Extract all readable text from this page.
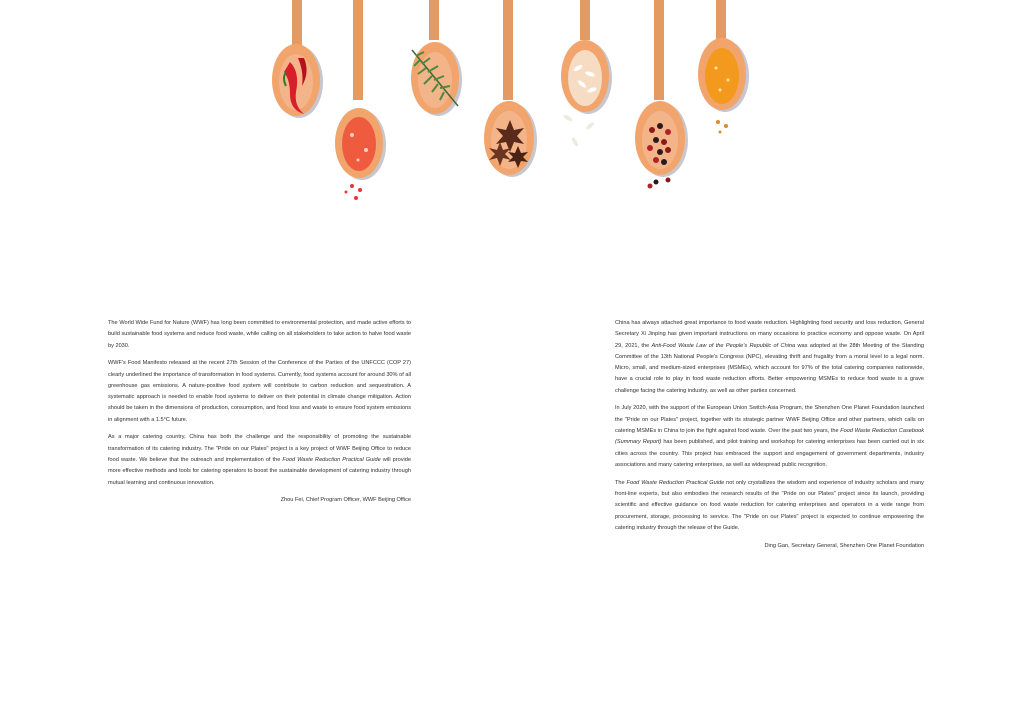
The World Wide Fund for Nature (WWF) has long been committed to environmental protection, and made active efforts to build sustainable food systems and reduce food waste, while calling on all stakeholders to take action to halve food waste by 2030.

WWF's Food Manifesto released at the recent 27th Session of the Conference of the Parties of the UNFCCC (COP 27) clearly underlined the importance of transformation in food systems. Currently, food systems account for around 30% of all greenhouse gas emissions. A nature-positive food system will contribute to carbon reduction and sequestration. A systematic approach is needed to enable food systems to deliver on their potential in climate change mitigation. Action should be taken in the dimensions of production, consumption, and food loss and waste to ensure food system emissions in alignment with a 1.5°C future.

As a major catering country, China has both the challenge and the responsibility of promoting the sustainable transformation of its catering industry. The "Pride on our Plates" project is a key project of WWF Beijing Office to reduce food waste. We believe that the outreach and implementation of the Food Waste Reduction Practical Guide will provide more effective methods and tools for catering operators to boost the sustainable development of catering industry through mutual learning and continuous innovation.

Zhou Fei, Chief Program Officer, WWF Beijing Office

China has always attached great importance to food waste reduction. Highlighting food security and loss reduction, General Secretary Xi Jinping has given important instructions on many occasions to practice economy and oppose waste. On April 29, 2021, the Anti-Food Waste Law of the People's Republic of China was adopted at the 28th Meeting of the Standing Committee of the 13th National People's Congress (NPC), elevating thrift and frugality from a moral level to a legal norm. Micro, small, and medium-sized enterprises (MSMEs), which account for 97% of the total catering companies nationwide, have a crucial role to play in food waste reduction efforts. Better empowering MSMEs to reduce food waste is a grave challenge facing the catering industry, as well as other parties concerned.

In July 2020, with the support of the European Union Switch-Asia Program, the Shenzhen One Planet Foundation launched the "Pride on our Plates" project, together with its strategic partner WWF Beijing Office and other partners, which calls on catering MSMEs in China to join the fight against food waste. Over the past two years, the Food Waste Reduction Casebook (Summary Report) has been published, and pilot training and workshop for catering enterprises has been carried out in six cities across the country. This project has embraced the support and engagement of government departments, industry associations and many catering enterprises, as well as widespread public recognition.

The Food Waste Reduction Practical Guide not only crystallizes the wisdom and experience of industry scholars and many front-line experts, but also embodies the research results of the "Pride on our Plates" project since its launch, providing scientific and effective guidance on food waste reduction for catering enterprises and operators in a wide range from procurement, storage, processing to service. The "Pride on our Plates" project is expected to continue empowering the catering industry through the release of the Guide.

Ding Gan, Secretary General, Shenzhen One Planet Foundation
